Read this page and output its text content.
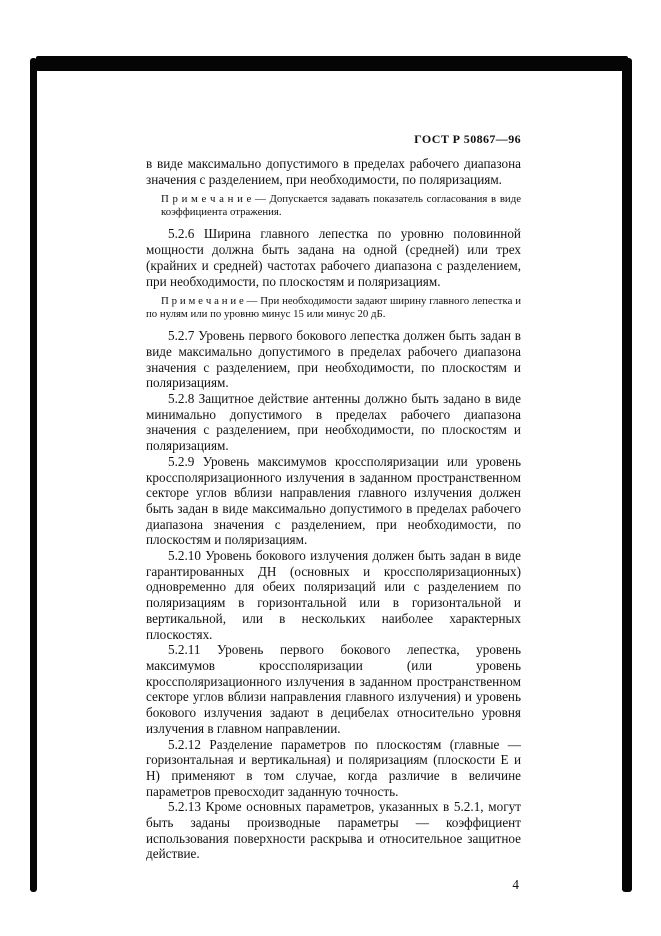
ГОСТ Р 50867—96

в виде максимально допустимого в пределах рабочего диапазона значения с разделением, при необходимости, по поляризациям.

П р и м е ч а н и е — Допускается задавать показатель согласования в виде коэффициента отражения.

5.2.6 Ширина главного лепестка по уровню половинной мощности должна быть задана на одной (средней) или трех (крайних и средней) частотах рабочего диапазона с разделением, при необходимости, по плоскостям и поляризациям.

П р и м е ч а н и е — При необходимости задают ширину главного лепестка и по нулям или по уровню минус 15 или минус 20 дБ.

5.2.7 Уровень первого бокового лепестка должен быть задан в виде максимально допустимого в пределах рабочего диапазона значения с разделением, при необходимости, по плоскостям и поляризациям.

5.2.8 Защитное действие антенны должно быть задано в виде минимально допустимого в пределах рабочего диапазона значения с разделением, при необходимости, по плоскостям и поляризациям.

5.2.9 Уровень максимумов кроссполяризации или уровень кроссполяризационного излучения в заданном пространственном секторе углов вблизи направления главного излучения должен быть задан в виде максимально допустимого в пределах рабочего диапазона значения с разделением, при необходимости, по плоскостям и поляризациям.

5.2.10 Уровень бокового излучения должен быть задан в виде гарантированных ДН (основных и кроссполяризационных) одновременно для обеих поляризаций или с разделением по поляризациям в горизонтальной или в горизонтальной и вертикальной, или в нескольких наиболее характерных плоскостях.

5.2.11 Уровень первого бокового лепестка, уровень максимумов кроссполяризации (или уровень кроссполяризационного излучения в заданном пространственном секторе углов вблизи направления главного излучения) и уровень бокового излучения задают в децибелах относительно уровня излучения в главном направлении.

5.2.12 Разделение параметров по плоскостям (главные — горизонтальная и вертикальная) и поляризациям (плоскости Е и Н) применяют в том случае, когда различие в величине параметров превосходит заданную точность.

5.2.13 Кроме основных параметров, указанных в 5.2.1, могут быть заданы производные параметры — коэффициент использования поверхности раскрыва и относительное защитное действие.

4
